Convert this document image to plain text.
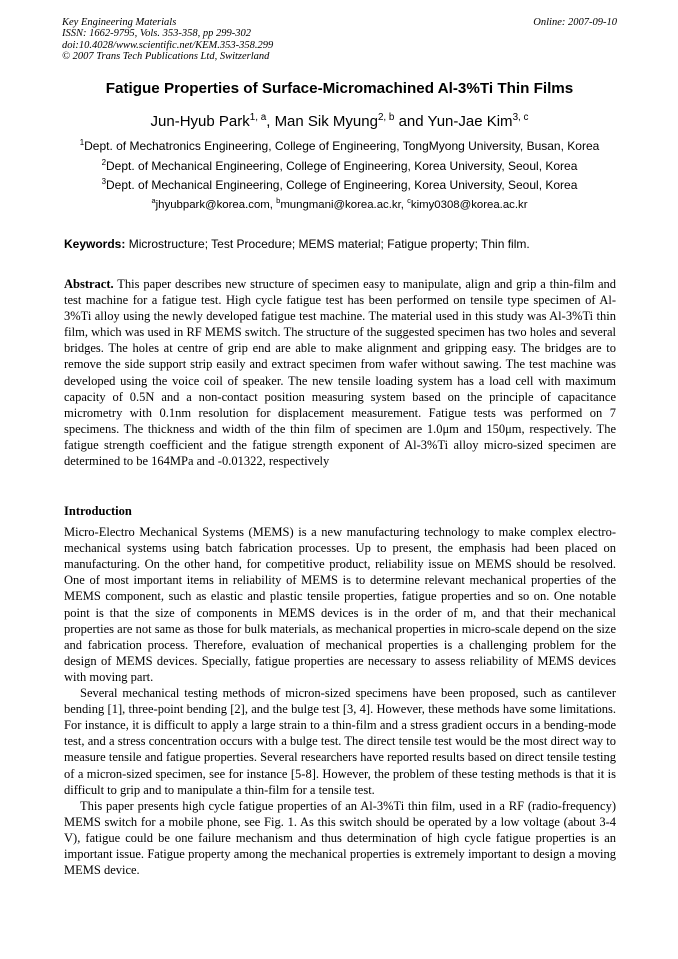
Key Engineering Materials
ISSN: 1662-9795, Vols. 353-358, pp 299-302
doi:10.4028/www.scientific.net/KEM.353-358.299
© 2007 Trans Tech Publications Ltd, Switzerland
Online: 2007-09-10
Fatigue Properties of Surface-Micromachined Al-3%Ti Thin Films
Jun-Hyub Park$^{1, a}$, Man Sik Myung$^{2, b}$ and Yun-Jae Kim$^{3, c}$
$^1$Dept. of Mechatronics Engineering, College of Engineering, TongMyong University, Busan, Korea
$^2$Dept. of Mechanical Engineering, College of Engineering, Korea University, Seoul, Korea
$^3$Dept. of Mechanical Engineering, College of Engineering, Korea University, Seoul, Korea
$^a$jhyubpark@korea.com, $^b$mungmani@korea.ac.kr, $^c$kimy0308@korea.ac.kr
Keywords: Microstructure; Test Procedure; MEMS material; Fatigue property; Thin film.

Abstract. This paper describes new structure of specimen easy to manipulate, align and grip a thin-film and test machine for a fatigue test. High cycle fatigue test has been performed on tensile type specimen of Al-3%Ti alloy using the newly developed fatigue test machine. The material used in this study was Al-3%Ti thin film, which was used in RF MEMS switch. The structure of the suggested specimen has two holes and several bridges. The holes at centre of grip end are able to make alignment and gripping easy. The bridges are to remove the side support strip easily and extract specimen from wafer without sawing. The test machine was developed using the voice coil of speaker. The new tensile loading system has a load cell with maximum capacity of 0.5N and a non-contact position measuring system based on the principle of capacitance micrometry with 0.1nm resolution for displacement measurement. Fatigue tests was performed on 7 specimens. The thickness and width of the thin film of specimen are 1.0μm and 150μm, respectively. The fatigue strength coefficient and the fatigue strength exponent of Al-3%Ti alloy micro-sized specimen are determined to be 164MPa and -0.01322, respectively

Introduction

Micro-Electro Mechanical Systems (MEMS) is a new manufacturing technology to make complex electro-mechanical systems using batch fabrication processes. Up to present, the emphasis had been placed on manufacturing. On the other hand, for competitive product, reliability issue on MEMS should be resolved. One of most important items in reliability of MEMS is to determine relevant mechanical properties of the MEMS component, such as elastic and plastic tensile properties, fatigue properties and so on. One notable point is that the size of components in MEMS devices is in the order of m, and that their mechanical properties are not same as those for bulk materials, as mechanical properties in micro-scale depend on the size and fabrication process. Therefore, evaluation of mechanical properties is a challenging problem for the design of MEMS devices. Specially, fatigue properties are necessary to assess reliability of MEMS devices with moving part.

Several mechanical testing methods of micron-sized specimens have been proposed, such as cantilever bending [1], three-point bending [2], and the bulge test [3, 4]. However, these methods have some limitations. For instance, it is difficult to apply a large strain to a thin-film and a stress gradient occurs in a bending-mode test, and a stress concentration occurs with a bulge test. The direct tensile test would be the most direct way to measure tensile and fatigue properties. Several researchers have reported results based on direct tensile testing of a micron-sized specimen, see for instance [5-8]. However, the problem of these testing methods is that it is difficult to grip and to manipulate a thin-film for a tensile test.

This paper presents high cycle fatigue properties of an Al-3%Ti thin film, used in a RF (radio-frequency) MEMS switch for a mobile phone, see Fig. 1. As this switch should be operated by a low voltage (about 3-4 V), fatigue could be one failure mechanism and thus determination of high cycle fatigue properties is an important issue. Fatigue property among the mechanical properties is extremely important to design a moving MEMS device.
